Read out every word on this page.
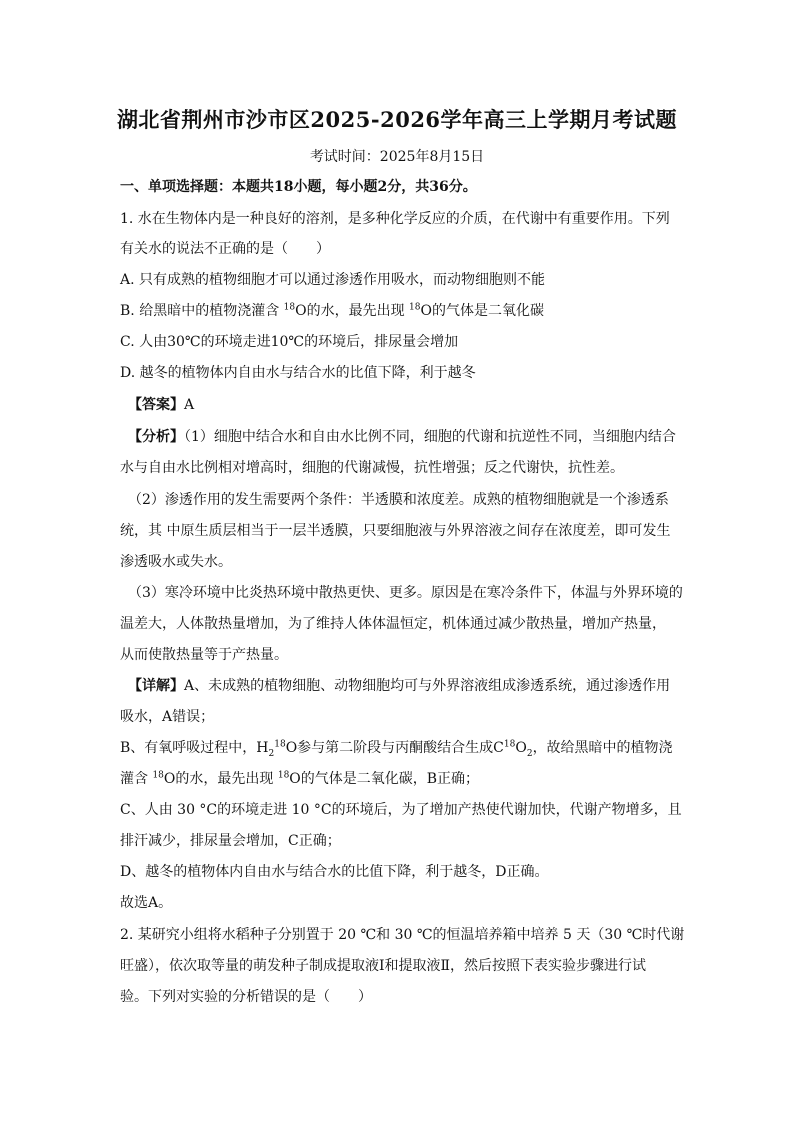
湖北省荆州市沙市区2025-2026学年高三上学期月考试题
考试时间：2025年8月15日
一、单项选择题：本题共18小题，每小题2分，共36分。
1. 水在生物体内是一种良好的溶剂，是多种化学反应的介质，在代谢中有重要作用。下列
有关水的说法不正确的是（　　）
A. 只有成熟的植物细胞才可以通过渗透作用吸水，而动物细胞则不能
B. 给黑暗中的植物浇灌含 $^{18}$O的水，最先出现 $^{18}$O的气体是二氧化碳
C. 人由30℃的环境走进10℃的环境后，排尿量会增加
D. 越冬的植物体内自由水与结合水的比值下降，利于越冬
【答案】A
【分析】（1）细胞中结合水和自由水比例不同，细胞的代谢和抗逆性不同，当细胞内结合
水与自由水比例相对增高时，细胞的代谢减慢，抗性增强；反之代谢快，抗性差。
（2）渗透作用的发生需要两个条件：半透膜和浓度差。成熟的植物细胞就是一个渗透系
统，其 中原生质层相当于一层半透膜，只要细胞液与外界溶液之间存在浓度差，即可发生
渗透吸水或失水。
（3）寒冷环境中比炎热环境中散热更快、更多。原因是在寒冷条件下，体温与外界环境的
温差大，人体散热量增加，为了维持人体体温恒定，机体通过减少散热量，增加产热量，
从而使散热量等于产热量。
【详解】A、未成熟的植物细胞、动物细胞均可与外界溶液组成渗透系统，通过渗透作用
吸水，A错误；
B、有氧呼吸过程中，$H_2^{18}O$参与第二阶段与丙酮酸结合生成$C^{18}O_2$，故给黑暗中的植物浇
灌含 $^{18}$O的水，最先出现 $^{18}$O的气体是二氧化碳，B正确；
C、人由 30 °C的环境走进 10 °C的环境后，为了增加产热使代谢加快，代谢产物增多，且
排汗减少，排尿量会增加，C正确；
D、越冬的植物体内自由水与结合水的比值下降，利于越冬，D正确。
故选A。
2. 某研究小组将水稻种子分别置于 20 ℃和 30 ℃的恒温培养箱中培养 5 天（30 ℃时代谢
旺盛），依次取等量的萌发种子制成提取液Ⅰ和提取液Ⅱ，然后按照下表实验步骤进行试
验。下列对实验的分析错误的是（　　）
